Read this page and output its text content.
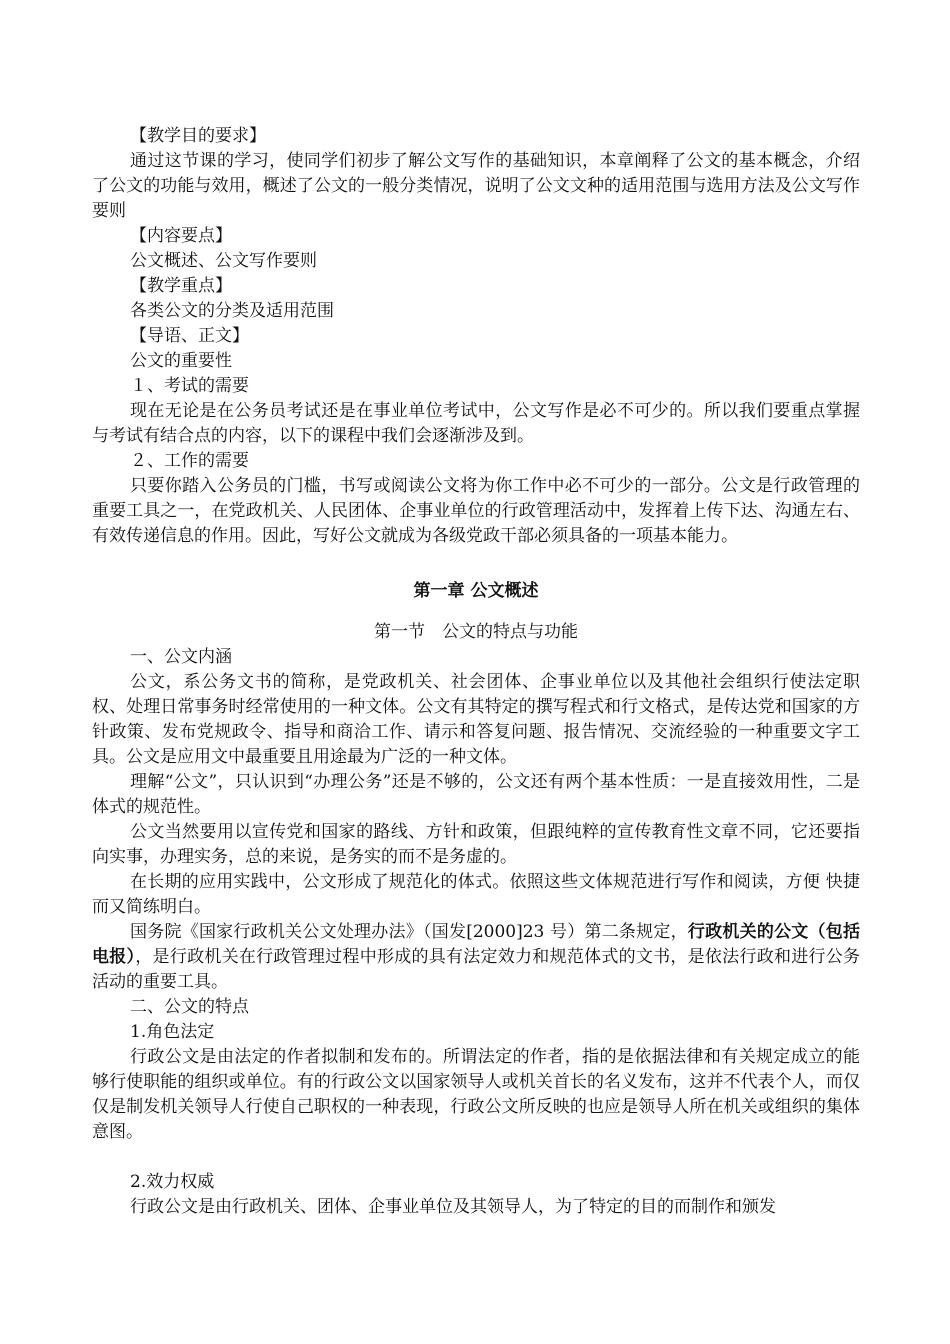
【教学目的要求】

通过这节课的学习，使同学们初步了解公文写作的基础知识，本章阐释了公文的基本概念，介绍了公文的功能与效用，概述了公文的一般分类情况，说明了公文文种的适用范围与选用方法及公文写作要则

【内容要点】

公文概述、公文写作要则

【教学重点】

各类公文的分类及适用范围

【导语、正文】

公文的重要性

１、考试的需要

现在无论是在公务员考试还是在事业单位考试中，公文写作是必不可少的。所以我们要重点掌握与考试有结合点的内容，以下的课程中我们会逐渐涉及到。

２、工作的需要

只要你踏入公务员的门槛，书写或阅读公文将为你工作中必不可少的一部分。公文是行政管理的重要工具之一，在党政机关、人民团体、企事业单位的行政管理活动中，发挥着上传下达、沟通左右、有效传递信息的作用。因此，写好公文就成为各级党政干部必须具备的一项基本能力。

第一章 公文概述

第一节　公文的特点与功能

一、公文内涵

公文，系公务文书的简称，是党政机关、社会团体、企事业单位以及其他社会组织行使法定职权、处理日常事务时经常使用的一种文体。公文有其特定的撰写程式和行文格式，是传达党和国家的方针政策、发布党规政令、指导和商洽工作、请示和答复问题、报告情况、交流经验的一种重要文字工具。公文是应用文中最重要且用途最为广泛的一种文体。

理解“公文”，只认识到“办理公务”还是不够的，公文还有两个基本性质：一是直接效用性，二是体式的规范性。

公文当然要用以宣传党和国家的路线、方针和政策，但跟纯粹的宣传教育性文章不同，它还要指向实事，办理实务，总的来说，是务实的而不是务虚的。

在长期的应用实践中，公文形成了规范化的体式。依照这些文体规范进行写作和阅读，方便 快捷而又简练明白。

国务院《国家行政机关公文处理办法》（国发[2000]23 号）第二条规定，行政机关的公文（包括电报），是行政机关在行政管理过程中形成的具有法定效力和规范体式的文书，是依法行政和进行公务活动的重要工具。

二、公文的特点

1.角色法定

行政公文是由法定的作者拟制和发布的。所谓法定的作者，指的是依据法律和有关规定成立的能够行使职能的组织或单位。有的行政公文以国家领导人或机关首长的名义发布，这并不代表个人，而仅仅是制发机关领导人行使自己职权的一种表现，行政公文所反映的也应是领导人所在机关或组织的集体意图。

2.效力权威

行政公文是由行政机关、团体、企事业单位及其领导人，为了特定的目的而制作和颁发
